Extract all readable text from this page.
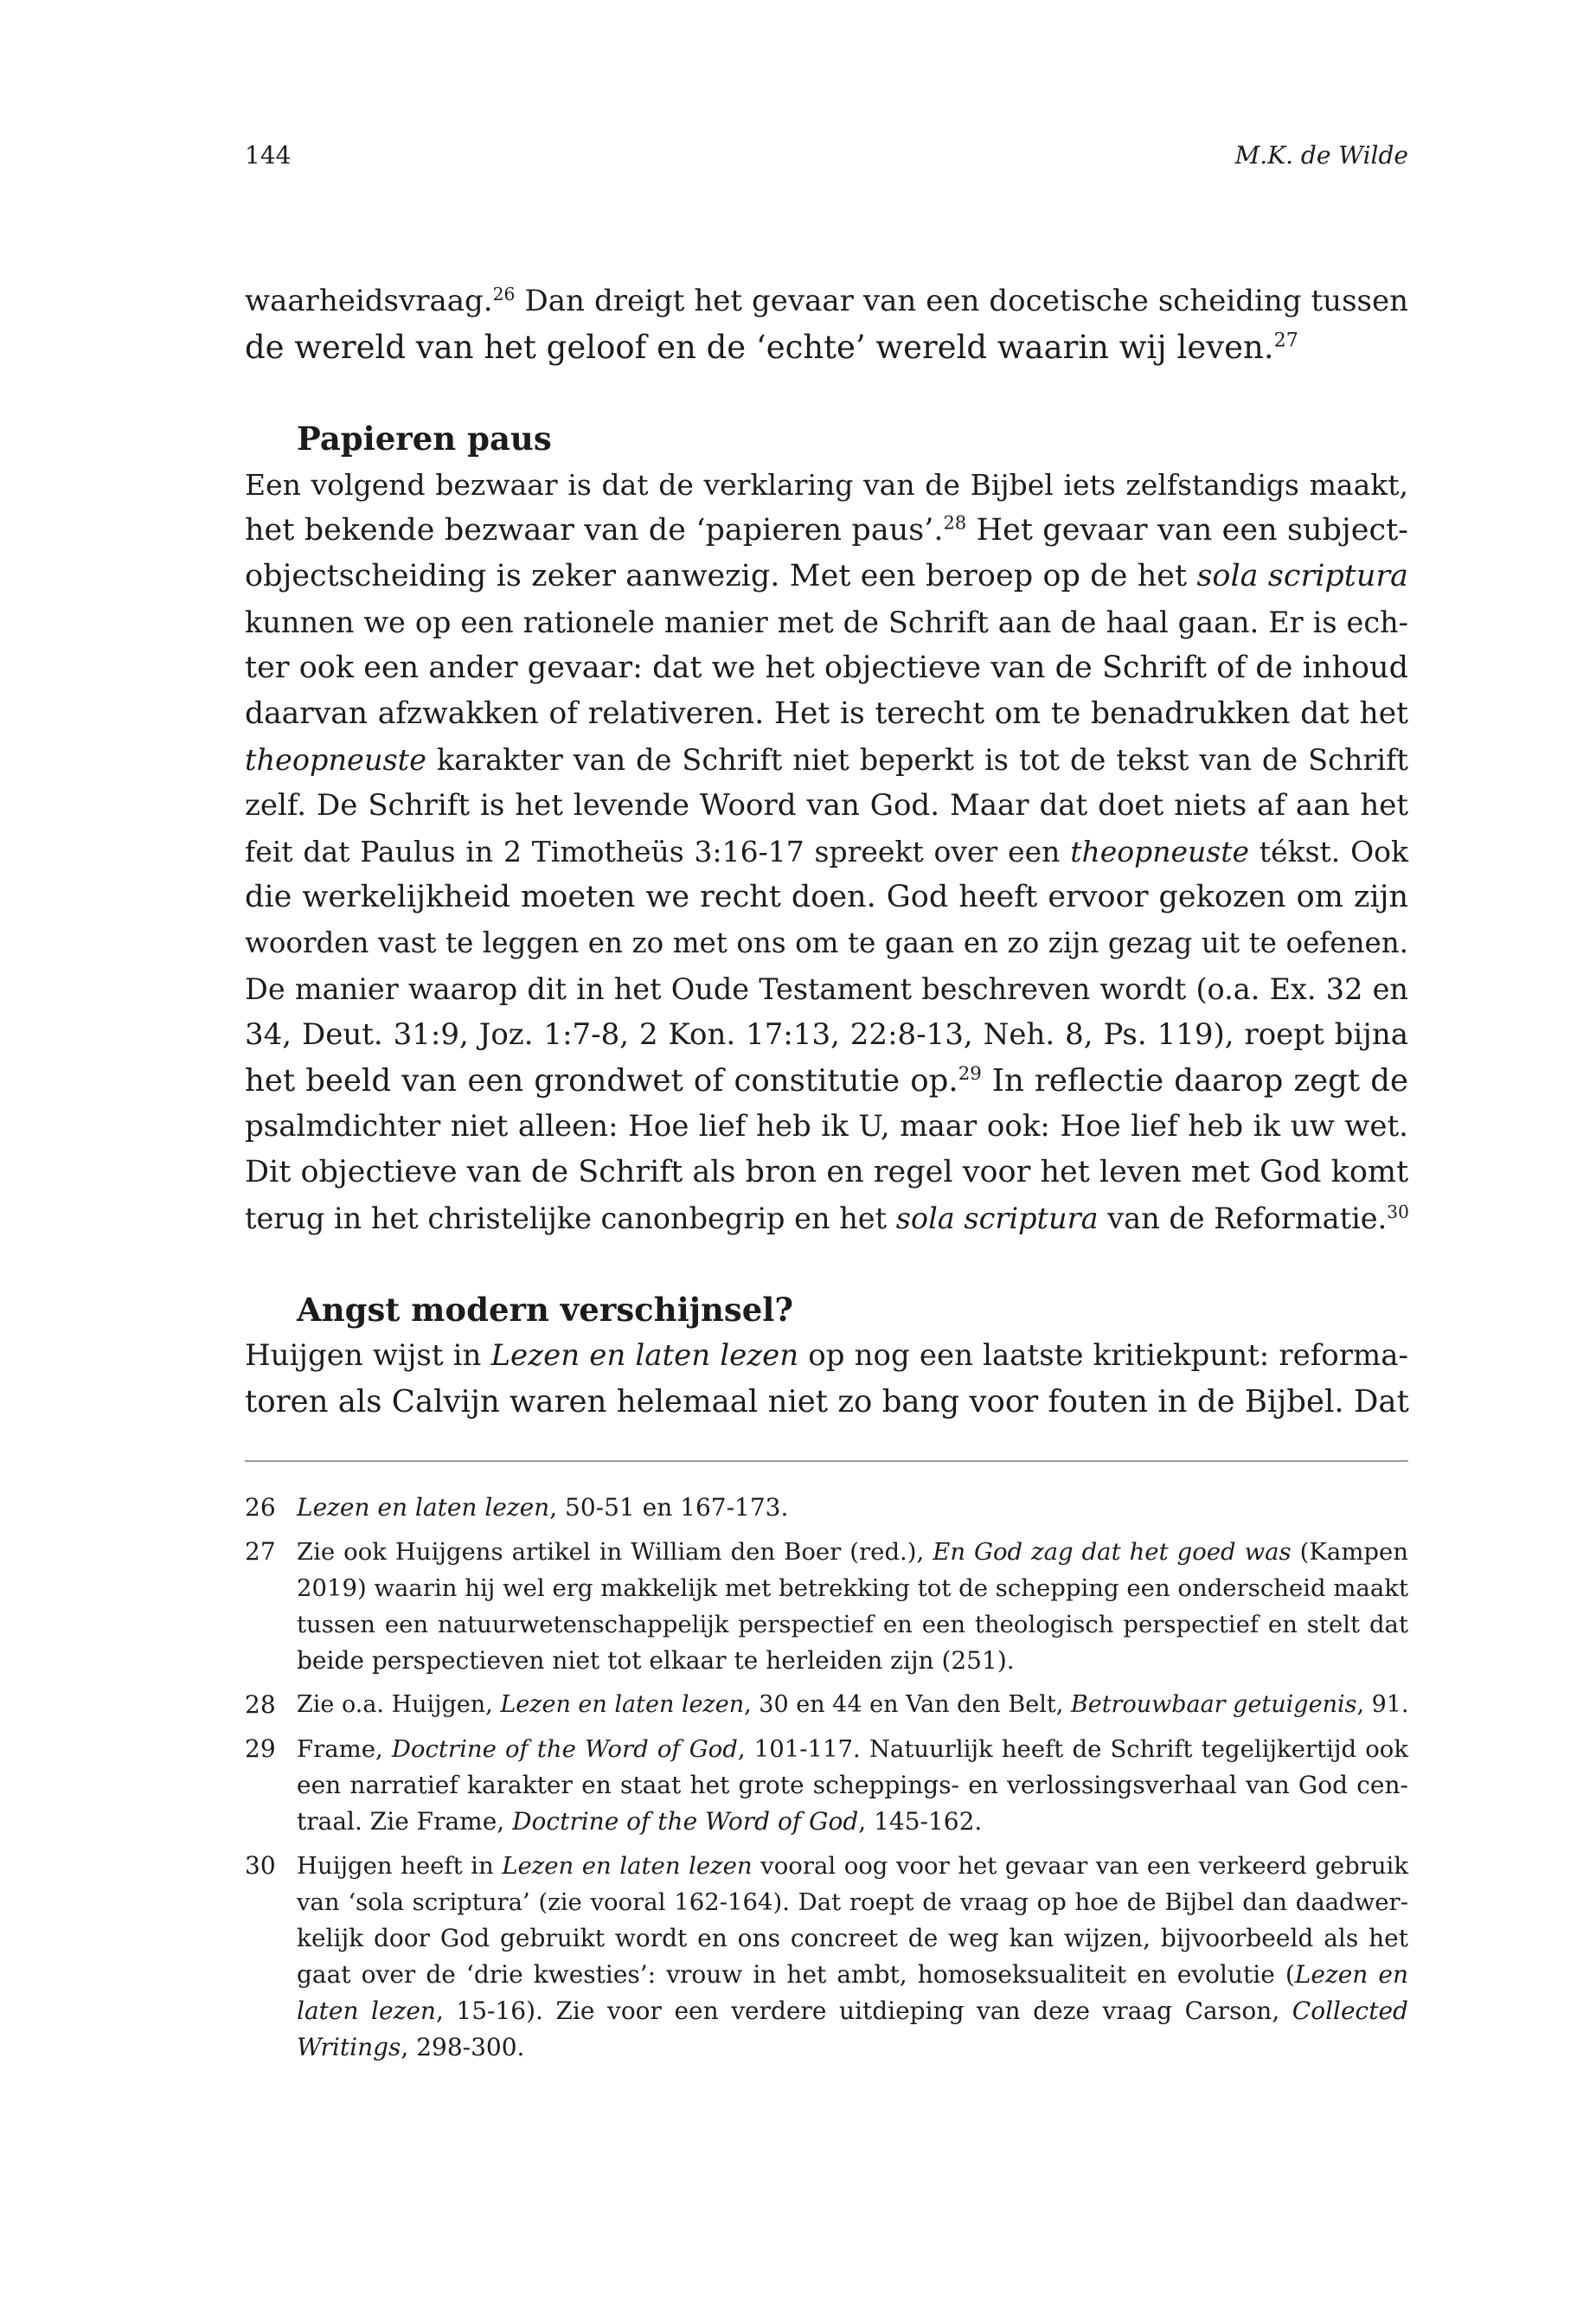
144	M.K. de Wilde
waarheidsvraag.$^{26}$ Dan dreigt het gevaar van een docetische scheiding tussen
de wereld van het geloof en de ‘echte’ wereld waarin wij leven.$^{27}$
Papieren paus
Een volgend bezwaar is dat de verklaring van de Bijbel iets zelfstandigs maakt,
het bekende bezwaar van de ‘papieren paus’.$^{28}$ Het gevaar van een subject-
objectscheiding is zeker aanwezig. Met een beroep op de het sola scriptura
kunnen we op een rationele manier met de Schrift aan de haal gaan. Er is ech-
ter ook een ander gevaar: dat we het objectieve van de Schrift of de inhoud
daarvan afzwakken of relativeren. Het is terecht om te benadrukken dat het
theopneuste karakter van de Schrift niet beperkt is tot de tekst van de Schrift
zelf. De Schrift is het levende Woord van God. Maar dat doet niets af aan het
feit dat Paulus in 2 Timotheüs 3:16-17 spreekt over een theopneuste tékst. Ook
die werkelijkheid moeten we recht doen. God heeft ervoor gekozen om zijn
woorden vast te leggen en zo met ons om te gaan en zo zijn gezag uit te oefenen.
De manier waarop dit in het Oude Testament beschreven wordt (o.a. Ex. 32 en
34, Deut. 31:9, Joz. 1:7-8, 2 Kon. 17:13, 22:8-13, Neh. 8, Ps. 119), roept bijna
het beeld van een grondwet of constitutie op.$^{29}$ In reflectie daarop zegt de
psalmdichter niet alleen: Hoe lief heb ik U, maar ook: Hoe lief heb ik uw wet.
Dit objectieve van de Schrift als bron en regel voor het leven met God komt
terug in het christelijke canonbegrip en het sola scriptura van de Reformatie.$^{30}$
Angst modern verschijnsel?
Huijgen wijst in Lezen en laten lezen op nog een laatste kritiekpunt: reforma-
toren als Calvijn waren helemaal niet zo bang voor fouten in de Bijbel. Dat
26 Lezen en laten lezen, 50-51 en 167-173.
27 Zie ook Huijgens artikel in William den Boer (red.), En God zag dat het goed was (Kampen
2019) waarin hij wel erg makkelijk met betrekking tot de schepping een onderscheid maakt
tussen een natuurwetenschappelijk perspectief en een theologisch perspectief en stelt dat
beide perspectieven niet tot elkaar te herleiden zijn (251).
28 Zie o.a. Huijgen, Lezen en laten lezen, 30 en 44 en Van den Belt, Betrouwbaar getuigenis, 91.
29 Frame, Doctrine of the Word of God, 101-117. Natuurlijk heeft de Schrift tegelijkertijd ook
een narratief karakter en staat het grote scheppings- en verlossingsverhaal van God cen-
traal. Zie Frame, Doctrine of the Word of God, 145-162.
30 Huijgen heeft in Lezen en laten lezen vooral oog voor het gevaar van een verkeerd gebruik
van ‘sola scriptura’ (zie vooral 162-164). Dat roept de vraag op hoe de Bijbel dan daadwer-
kelijk door God gebruikt wordt en ons concreet de weg kan wijzen, bijvoorbeeld als het
gaat over de ‘drie kwesties’: vrouw in het ambt, homoseksualiteit en evolutie (Lezen en
laten lezen, 15-16). Zie voor een verdere uitdieping van deze vraag Carson, Collected
Writings, 298-300.
